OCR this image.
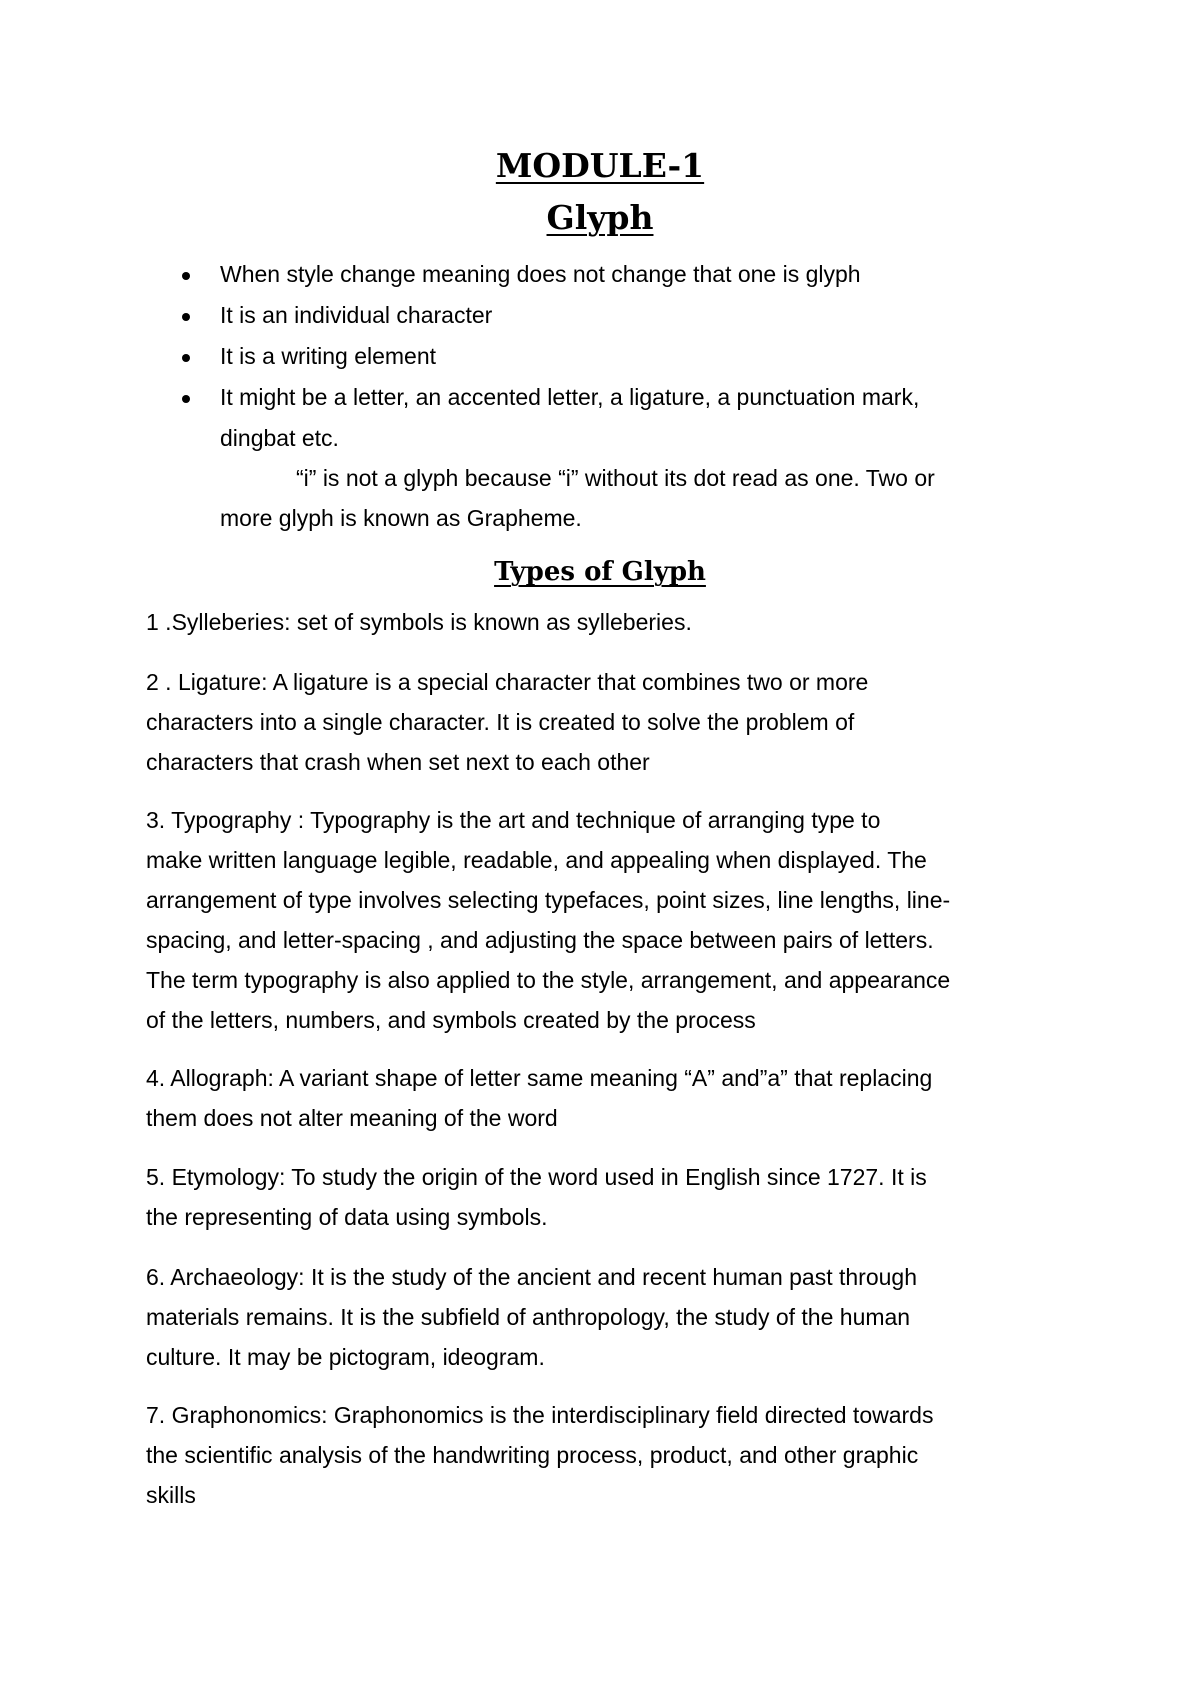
MODULE-1
Glyph
When style change meaning does not change that one is glyph
It is an individual character
It is a writing element
It might be a letter, an accented letter, a ligature, a punctuation mark,
dingbat etc.
“i” is not a glyph because “i” without its dot read as one. Two or
more glyph is known as Grapheme.
Types of Glyph

1 .Sylleberies: set of symbols is known as sylleberies.

2 . Ligature: A ligature is a special character that combines two or more

characters into a single character. It is created to solve the problem of

characters that crash when set next to each other

3. Typography : Typography is the art and technique of arranging type to

make written language legible, readable, and appealing when displayed. The

arrangement of type involves selecting typefaces, point sizes, line lengths, line-

spacing, and letter-spacing , and adjusting the space between pairs of letters.

The term typography is also applied to the style, arrangement, and appearance

of the letters, numbers, and symbols created by the process

4. Allograph: A variant shape of letter same meaning “A” and”a” that replacing

them does not alter meaning of the word

5. Etymology: To study the origin of the word used in English since 1727. It is

the representing of data using symbols.

6. Archaeology: It is the study of the ancient and recent human past through

materials remains. It is the subfield of anthropology, the study of the human

culture. It may be pictogram, ideogram.

7. Graphonomics: Graphonomics is the interdisciplinary field directed towards

the scientific analysis of the handwriting process, product, and other graphic

skills
